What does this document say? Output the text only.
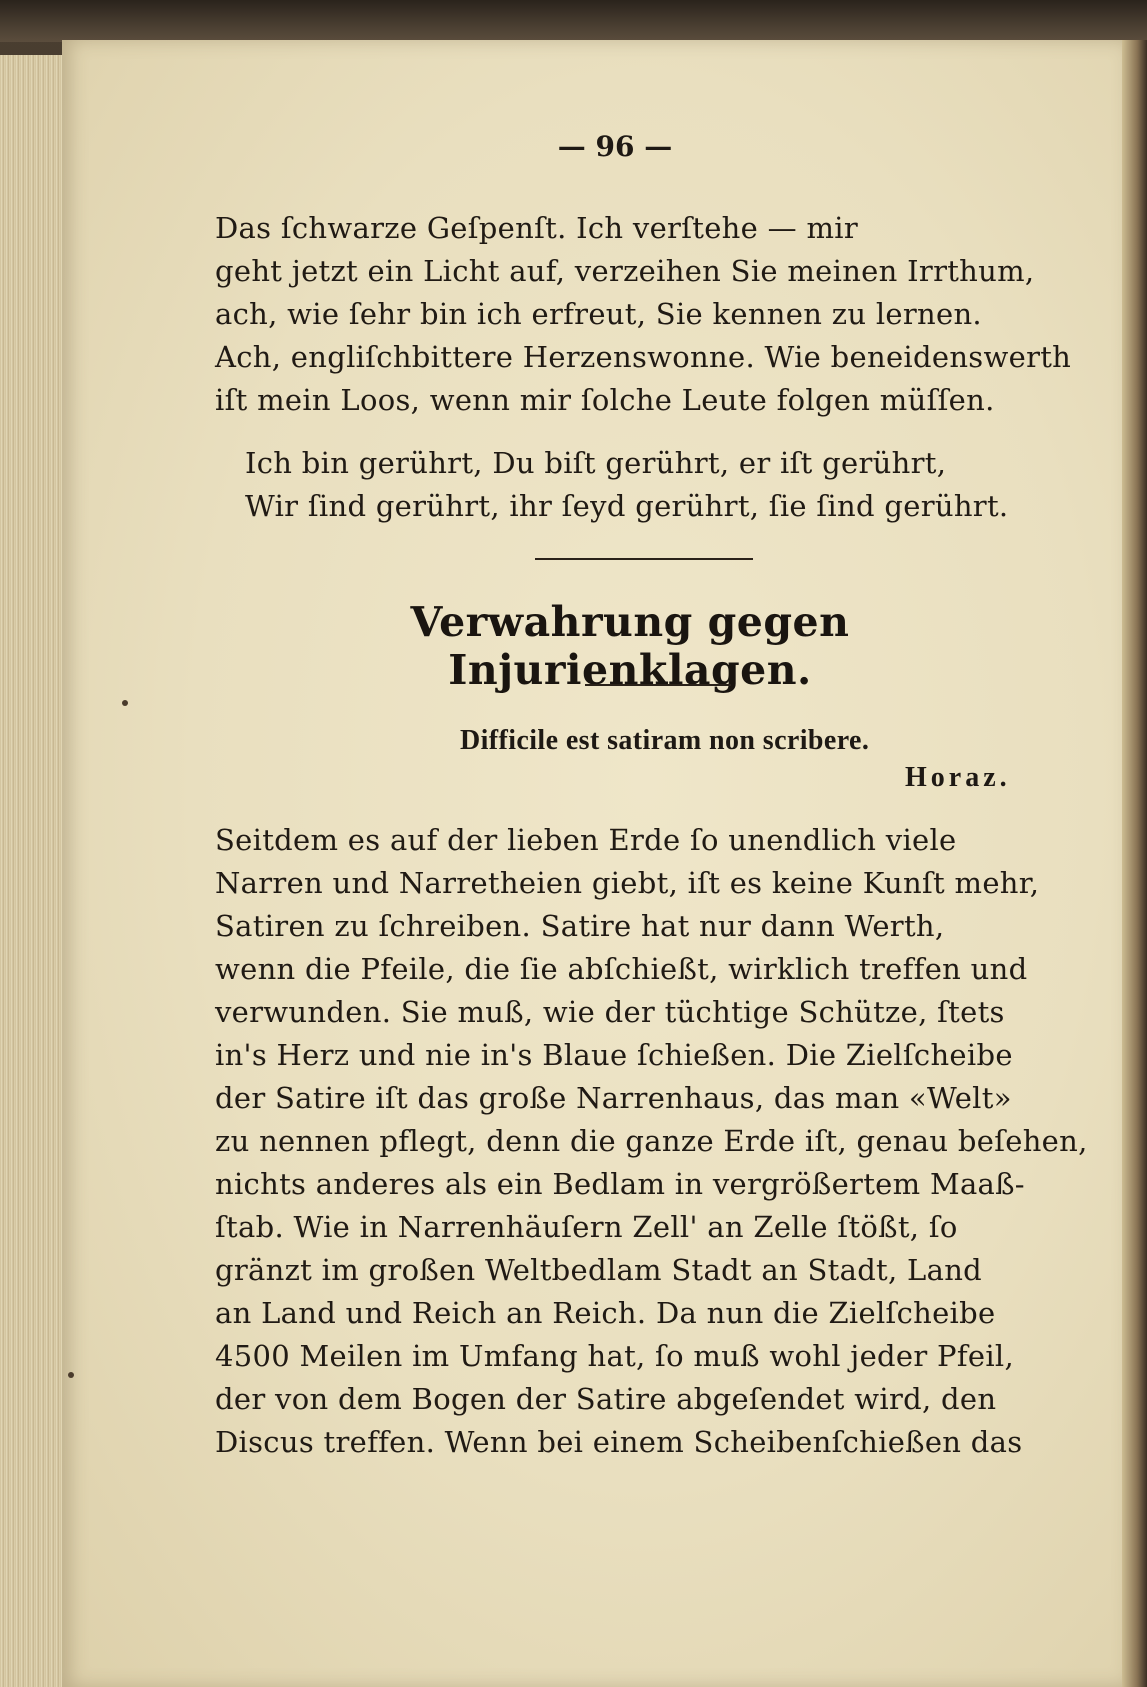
— 96 —
Das ſchwarze Geſpenſt. Ich verſtehe — mir
geht jetzt ein Licht auf, verzeihen Sie meinen Irrthum,
ach, wie ſehr bin ich erfreut, Sie kennen zu lernen.
Ach, engliſchbittere Herzenswonne. Wie beneidenswerth
iſt mein Loos, wenn mir ſolche Leute folgen müſſen.
Ich bin gerührt, Du biſt gerührt, er iſt gerührt,
Wir ſind gerührt, ihr ſeyd gerührt, ſie ſind gerührt.
Verwahrung gegen Injurienklagen.
Difficile est satiram non scribere.
Horaz.
Seitdem es auf der lieben Erde ſo unendlich viele
Narren und Narretheien giebt, iſt es keine Kunſt mehr,
Satiren zu ſchreiben. Satire hat nur dann Werth,
wenn die Pfeile, die ſie abſchießt, wirklich treffen und
verwunden. Sie muß, wie der tüchtige Schütze, ſtets
in's Herz und nie in's Blaue ſchießen. Die Zielſcheibe
der Satire iſt das große Narrenhaus, das man «Welt»
zu nennen pflegt, denn die ganze Erde iſt, genau beſehen,
nichts anderes als ein Bedlam in vergrößertem Maaß-
ſtab. Wie in Narrenhäuſern Zell' an Zelle ſtößt, ſo
gränzt im großen Weltbedlam Stadt an Stadt, Land
an Land und Reich an Reich. Da nun die Zielſcheibe
4500 Meilen im Umfang hat, ſo muß wohl jeder Pfeil,
der von dem Bogen der Satire abgeſendet wird, den
Discus treffen. Wenn bei einem Scheibenſchießen das
